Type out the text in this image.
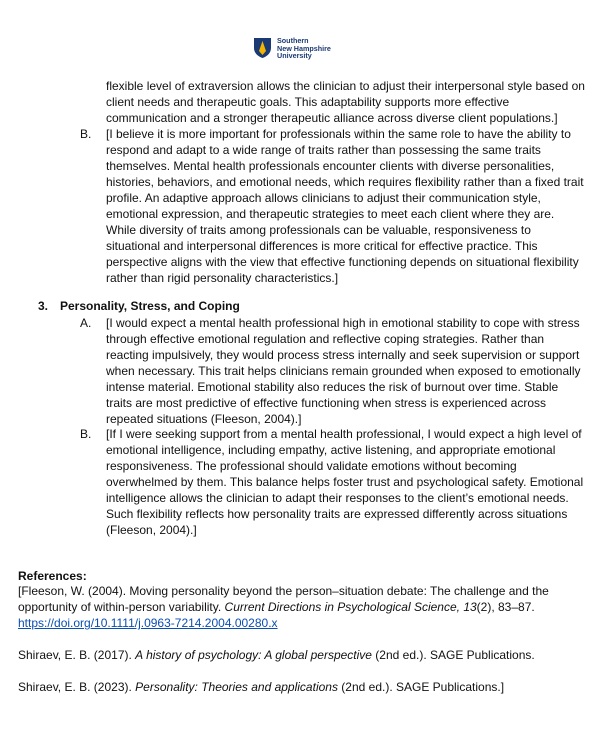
Southern
New Hampshire
University

flexible level of extraversion allows the clinician to adjust their interpersonal style based on client needs and therapeutic goals. This adaptability supports more effective communication and a stronger therapeutic alliance across diverse client populations.]

B. [I believe it is more important for professionals within the same role to have the ability to respond and adapt to a wide range of traits rather than possessing the same traits themselves. Mental health professionals encounter clients with diverse personalities, histories, behaviors, and emotional needs, which requires flexibility rather than a fixed trait profile. An adaptive approach allows clinicians to adjust their communication style, emotional expression, and therapeutic strategies to meet each client where they are. While diversity of traits among professionals can be valuable, responsiveness to situational and interpersonal differences is more critical for effective practice. This perspective aligns with the view that effective functioning depends on situational flexibility rather than rigid personality characteristics.]
3. Personality, Stress, and Coping
A. [I would expect a mental health professional high in emotional stability to cope with stress through effective emotional regulation and reflective coping strategies. Rather than reacting impulsively, they would process stress internally and seek supervision or support when necessary. This trait helps clinicians remain grounded when exposed to emotionally intense material. Emotional stability also reduces the risk of burnout over time. Stable traits are most predictive of effective functioning when stress is experienced across repeated situations (Fleeson, 2004).]
B. [If I were seeking support from a mental health professional, I would expect a high level of emotional intelligence, including empathy, active listening, and appropriate emotional responsiveness. The professional should validate emotions without becoming overwhelmed by them. This balance helps foster trust and psychological safety. Emotional intelligence allows the clinician to adapt their responses to the client’s emotional needs. Such flexibility reflects how personality traits are expressed differently across situations (Fleeson, 2004).]
References:
[Fleeson, W. (2004). Moving personality beyond the person–situation debate: The challenge and the opportunity of within-person variability. Current Directions in Psychological Science, 13(2), 83–87. https://doi.org/10.1111/j.0963-7214.2004.00280.x
Shiraev, E. B. (2017). A history of psychology: A global perspective (2nd ed.). SAGE Publications.
Shiraev, E. B. (2023). Personality: Theories and applications (2nd ed.). SAGE Publications.]
